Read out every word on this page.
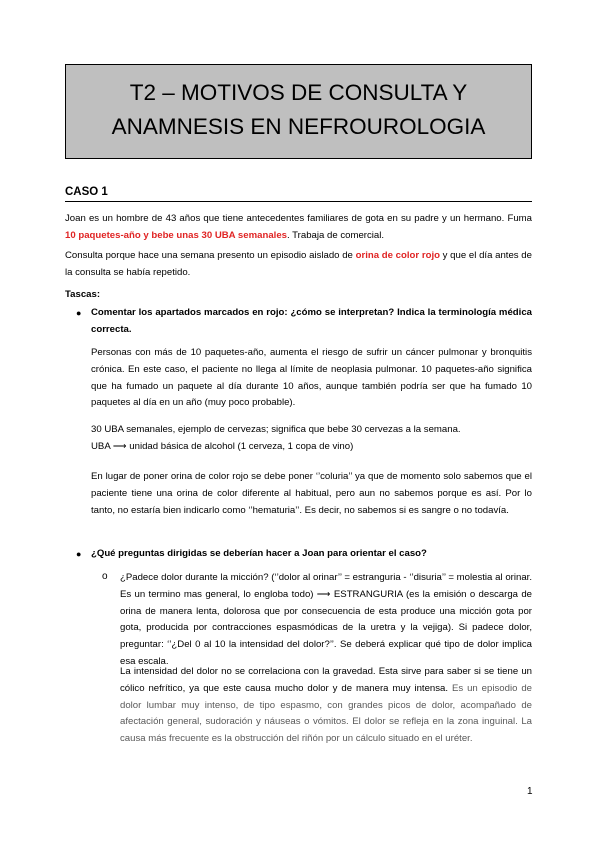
T2 – MOTIVOS DE CONSULTA Y
ANAMNESIS EN NEFROUROLOGIA
CASO 1

Joan es un hombre de 43 años que tiene antecedentes familiares de gota en su padre y un hermano. Fuma 10 paquetes-año y bebe unas 30 UBA semanales. Trabaja de comercial.

Consulta porque hace una semana presento un episodio aislado de orina de color rojo y que el día antes de la consulta se había repetido.

Tascas:

● Comentar los apartados marcados en rojo: ¿cómo se interpretan? Indica la terminología médica correcta.

Personas con más de 10 paquetes-año, aumenta el riesgo de sufrir un cáncer pulmonar y bronquitis crónica. En este caso, el paciente no llega al límite de neoplasia pulmonar. 10 paquetes-año significa que ha fumado un paquete al día durante 10 años, aunque también podría ser que ha fumado 10 paquetes al día en un año (muy poco probable).

30 UBA semanales, ejemplo de cervezas; significa que bebe 30 cervezas a la semana.

UBA ⟶ unidad básica de alcohol (1 cerveza, 1 copa de vino)

En lugar de poner orina de color rojo se debe poner ‘’coluria’’ ya que de momento solo sabemos que el paciente tiene una orina de color diferente al habitual, pero aun no sabemos porque es así. Por lo tanto, no estaría bien indicarlo como ‘’hematuria’’. Es decir, no sabemos si es sangre o no todavía.

● ¿Qué preguntas dirigidas se deberían hacer a Joan para orientar el caso?

o ¿Padece dolor durante la micción? (‘’dolor al orinar’’ = estranguria - ‘’disuria’’ = molestia al orinar. Es un termino mas general, lo engloba todo) ⟶ ESTRANGURIA (es la emisión o descarga de orina de manera lenta, dolorosa que por consecuencia de esta produce una micción gota por gota, producida por contracciones espasmódicas de la uretra y la vejiga). Si padece dolor, preguntar: ‘’¿Del 0 al 10 la intensidad del dolor?’’. Se deberá explicar qué tipo de dolor implica esa escala.

La intensidad del dolor no se correlaciona con la gravedad. Esta sirve para saber si se tiene un cólico nefrítico, ya que este causa mucho dolor y de manera muy intensa. Es un episodio de dolor lumbar muy intenso, de tipo espasmo, con grandes picos de dolor, acompañado de afectación general, sudoración y náuseas o vómitos. El dolor se refleja en la zona inguinal. La causa más frecuente es la obstrucción del riñón por un cálculo situado en el uréter.

1
